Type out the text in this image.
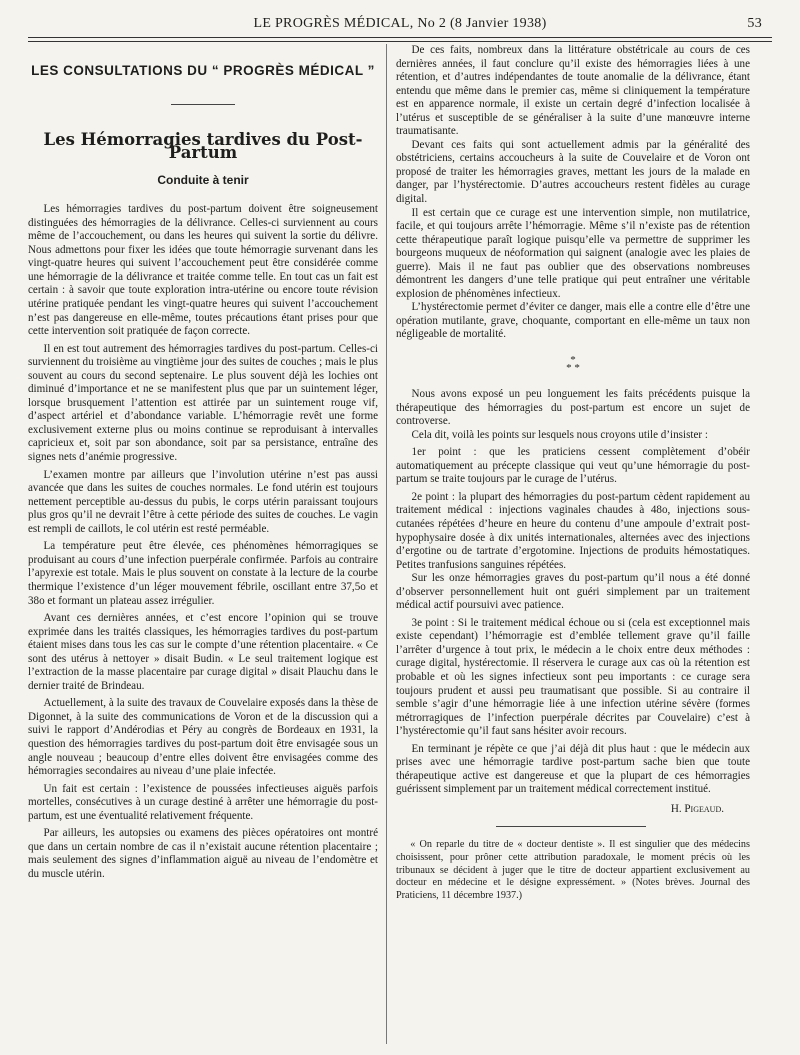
LE PROGRÈS MÉDICAL, No 2 (8 Janvier 1938)	53
LES CONSULTATIONS DU “ PROGRÈS MÉDICAL ”
Les Hémorragies tardives du Post-Partum
Conduite à tenir

Les hémorragies tardives du post-partum doivent être soigneusement distinguées des hémorragies de la délivrance. Celles-ci surviennent au cours même de l’accouchement, ou dans les heures qui suivent la sortie du délivre. Nous admettons pour fixer les idées que toute hémorragie survenant dans les vingt-quatre heures qui suivent l’accouchement peut être considérée comme une hémorragie de la délivrance et traitée comme telle. En tout cas un fait est certain : à savoir que toute exploration intra-utérine ou encore toute révision utérine pratiquée pendant les vingt-quatre heures qui suivent l’accouchement n’est pas dangereuse en elle-même, toutes précautions étant prises pour que cette intervention soit pratiquée de façon correcte.

Il en est tout autrement des hémorragies tardives du post-partum. Celles-ci surviennent du troisième au vingtième jour des suites de couches ; mais le plus souvent au cours du second septenaire. Le plus souvent déjà les lochies ont diminué d’importance et ne se manifestent plus que par un suintement léger, lorsque brusquement l’attention est attirée par un suintement rouge vif, d’aspect artériel et d’abondance variable. L’hémorragie revêt une forme exclusivement externe plus ou moins continue se reproduisant à intervalles capricieux et, soit par son abondance, soit par sa persistance, entraîne des signes nets d’anémie progressive.

L’examen montre par ailleurs que l’involution utérine n’est pas aussi avancée que dans les suites de couches normales. Le fond utérin est toujours nettement perceptible au-dessus du pubis, le corps utérin paraissant toujours plus gros qu’il ne devrait l’être à cette période des suites de couches. Le vagin est rempli de caillots, le col utérin est resté perméable.

La température peut être élevée, ces phénomènes hémorragiques se produisant au cours d’une infection puerpérale confirmée. Parfois au contraire l’apyrexie est totale. Mais le plus souvent on constate à la lecture de la courbe thermique l’existence d’un léger mouvement fébrile, oscillant entre 37,5o et 38o et formant un plateau assez irrégulier.

Avant ces dernières années, et c’est encore l’opinion qui se trouve exprimée dans les traités classiques, les hémorragies tardives du post-partum étaient mises dans tous les cas sur le compte d’une rétention placentaire. « Ce sont des utérus à nettoyer » disait Budin. « Le seul traitement logique est l’extraction de la masse placentaire par curage digital » disait Plauchu dans le dernier traité de Brindeau.

Actuellement, à la suite des travaux de Couvelaire exposés dans la thèse de Digonnet, à la suite des communications de Voron et de la discussion qui a suivi le rapport d’Andérodias et Péry au congrès de Bordeaux en 1931, la question des hémorragies tardives du post-partum doit être envisagée sous un angle nouveau ; beaucoup d’entre elles doivent être envisagées comme des hémorragies secondaires au niveau d’une plaie infectée.

Un fait est certain : l’existence de poussées infectieuses aiguës parfois mortelles, consécutives à un curage destiné à arrêter une hémorragie du post-partum, est une éventualité relativement fréquente.

Par ailleurs, les autopsies ou examens des pièces opératoires ont montré que dans un certain nombre de cas il n’existait aucune rétention placentaire ; mais seulement des signes d’inflammation aiguë au niveau de l’endomètre et du muscle utérin.

De ces faits, nombreux dans la littérature obstétricale au cours de ces dernières années, il faut conclure qu’il existe des hémorragies liées à une rétention, et d’autres indépendantes de toute anomalie de la délivrance, étant entendu que même dans le premier cas, même si cliniquement la température est en apparence normale, il existe un certain degré d’infection localisée à l’utérus et susceptible de se généraliser à la suite d’une manœuvre interne traumatisante.

Devant ces faits qui sont actuellement admis par la généralité des obstétriciens, certains accoucheurs à la suite de Couvelaire et de Voron ont proposé de traiter les hémorragies graves, mettant les jours de la malade en danger, par l’hystérectomie. D’autres accoucheurs restent fidèles au curage digital.

Il est certain que ce curage est une intervention simple, non mutilatrice, facile, et qui toujours arrête l’hémorragie. Même s’il n’existe pas de rétention cette thérapeutique paraît logique puisqu’elle va permettre de supprimer les bourgeons muqueux de néoformation qui saignent (analogie avec les plaies de guerre). Mais il ne faut pas oublier que des observations nombreuses démontrent les dangers d’une telle pratique qui peut entraîner une véritable explosion de phénomènes infectieux.

L’hystérectomie permet d’éviter ce danger, mais elle a contre elle d’être une opération mutilante, grave, choquante, comportant en elle-même un taux non négligeable de mortalité.

*
* *

Nous avons exposé un peu longuement les faits précédents puisque la thérapeutique des hémorragies du post-partum est encore un sujet de controverse.

Cela dit, voilà les points sur lesquels nous croyons utile d’insister :

1er point : que les praticiens cessent complètement d’obéir automatiquement au précepte classique qui veut qu’une hémorragie du post-partum se traite toujours par le curage de l’utérus.

2e point : la plupart des hémorragies du post-partum cèdent rapidement au traitement médical : injections vaginales chaudes à 48o, injections sous-cutanées répétées d’heure en heure du contenu d’une ampoule d’extrait post-hypophysaire dosée à dix unités internationales, alternées avec des injections d’ergotine ou de tartrate d’ergotomine. Injections de produits hémostatiques. Petites tranfusions sanguines répétées.

Sur les onze hémorragies graves du post-partum qu’il nous a été donné d’observer personnellement huit ont guéri simplement par un traitement médical actif poursuivi avec patience.

3e point : Si le traitement médical échoue ou si (cela est exceptionnel mais existe cependant) l’hémorragie est d’emblée tellement grave qu’il faille l’arrêter d’urgence à tout prix, le médecin a le choix entre deux méthodes : curage digital, hystérectomie. Il réservera le curage aux cas où la rétention est probable et où les signes infectieux sont peu importants : ce curage sera toujours prudent et aussi peu traumatisant que possible. Si au contraire il semble s’agir d’une hémorragie liée à une infection utérine sévère (formes métrorragiques de l’infection puerpérale décrites par Couvelaire) c’est à l’hystérectomie qu’il faut sans hésiter avoir recours.

En terminant je répète ce que j’ai déjà dit plus haut : que le médecin aux prises avec une hémorragie tardive post-partum sache bien que toute thérapeutique active est dangereuse et que la plupart de ces hémorragies guérissent simplement par un traitement médical correctement institué.

H. Pigeaud.

« On reparle du titre de « docteur dentiste ». Il est singulier que des médecins choisissent, pour prôner cette attribution paradoxale, le moment précis où les tribunaux se décident à juger que le titre de docteur appartient exclusivement au docteur en médecine et le désigne expressément. » (Notes brèves. Journal des Praticiens, 11 décembre 1937.)
